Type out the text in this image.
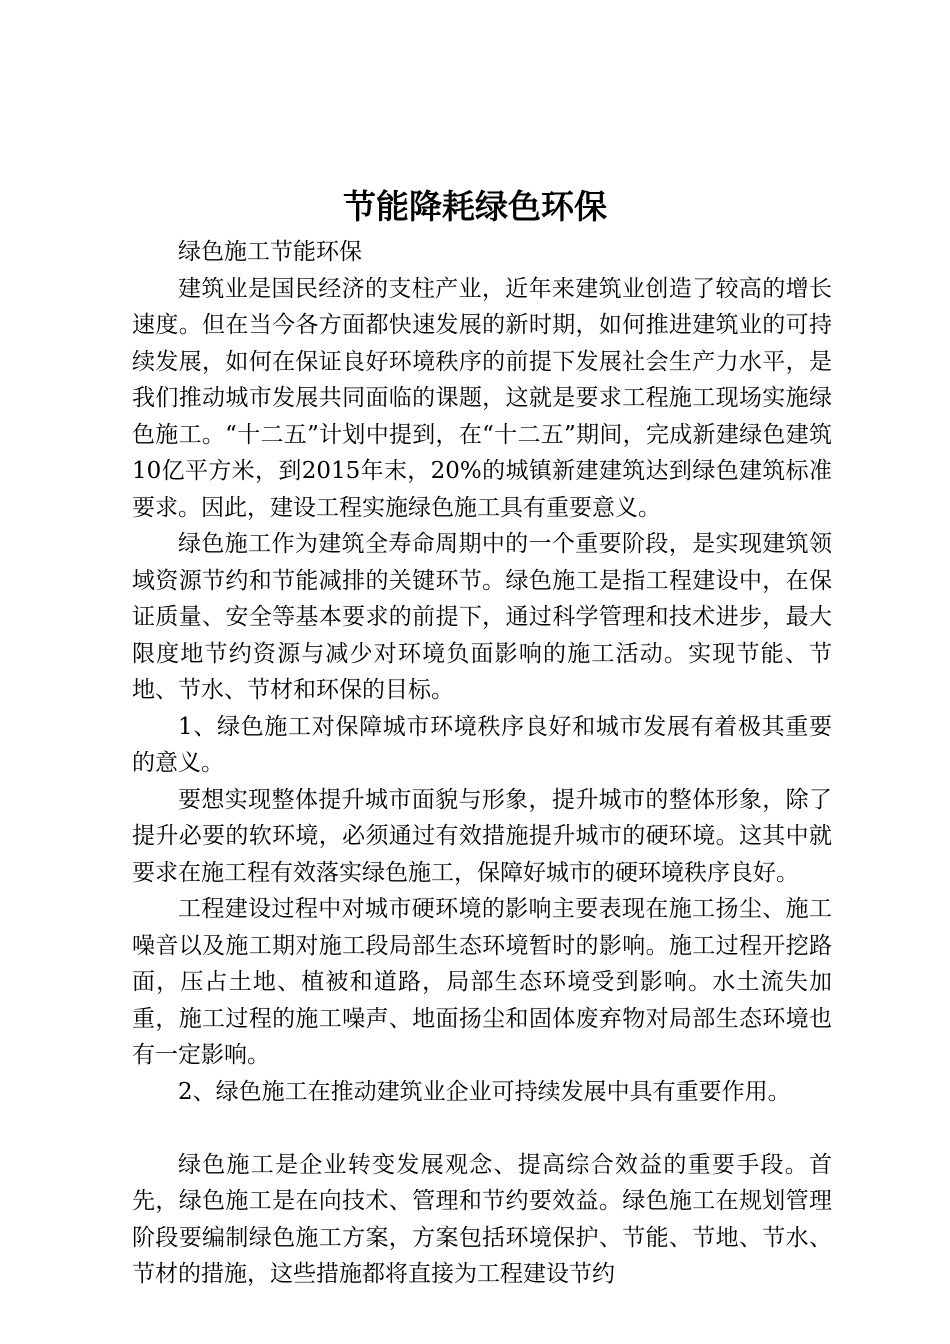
节能降耗绿色环保

绿色施工节能环保

建筑业是国民经济的支柱产业，近年来建筑业创造了较高的增长速度。但在当今各方面都快速发展的新时期，如何推进建筑业的可持续发展，如何在保证良好环境秩序的前提下发展社会生产力水平，是我们推动城市发展共同面临的课题，这就是要求工程施工现场实施绿色施工。“十二五”计划中提到，在“十二五”期间，完成新建绿色建筑10亿平方米，到2015年末，20%的城镇新建建筑达到绿色建筑标准要求。因此，建设工程实施绿色施工具有重要意义。

绿色施工作为建筑全寿命周期中的一个重要阶段，是实现建筑领域资源节约和节能减排的关键环节。绿色施工是指工程建设中，在保证质量、安全等基本要求的前提下，通过科学管理和技术进步，最大限度地节约资源与减少对环境负面影响的施工活动。实现节能、节地、节水、节材和环保的目标。

1、绿色施工对保障城市环境秩序良好和城市发展有着极其重要的意义。

要想实现整体提升城市面貌与形象，提升城市的整体形象，除了提升必要的软环境，必须通过有效措施提升城市的硬环境。这其中就要求在施工程有效落实绿色施工，保障好城市的硬环境秩序良好。

工程建设过程中对城市硬环境的影响主要表现在施工扬尘、施工噪音以及施工期对施工段局部生态环境暂时的影响。施工过程开挖路面，压占土地、植被和道路，局部生态环境受到影响。水土流失加重，施工过程的施工噪声、地面扬尘和固体废弃物对局部生态环境也有一定影响。

2、绿色施工在推动建筑业企业可持续发展中具有重要作用。

绿色施工是企业转变发展观念、提高综合效益的重要手段。首先，绿色施工是在向技术、管理和节约要效益。绿色施工在规划管理阶段要编制绿色施工方案，方案包括环境保护、节能、节地、节水、节材的措施，这些措施都将直接为工程建设节约
